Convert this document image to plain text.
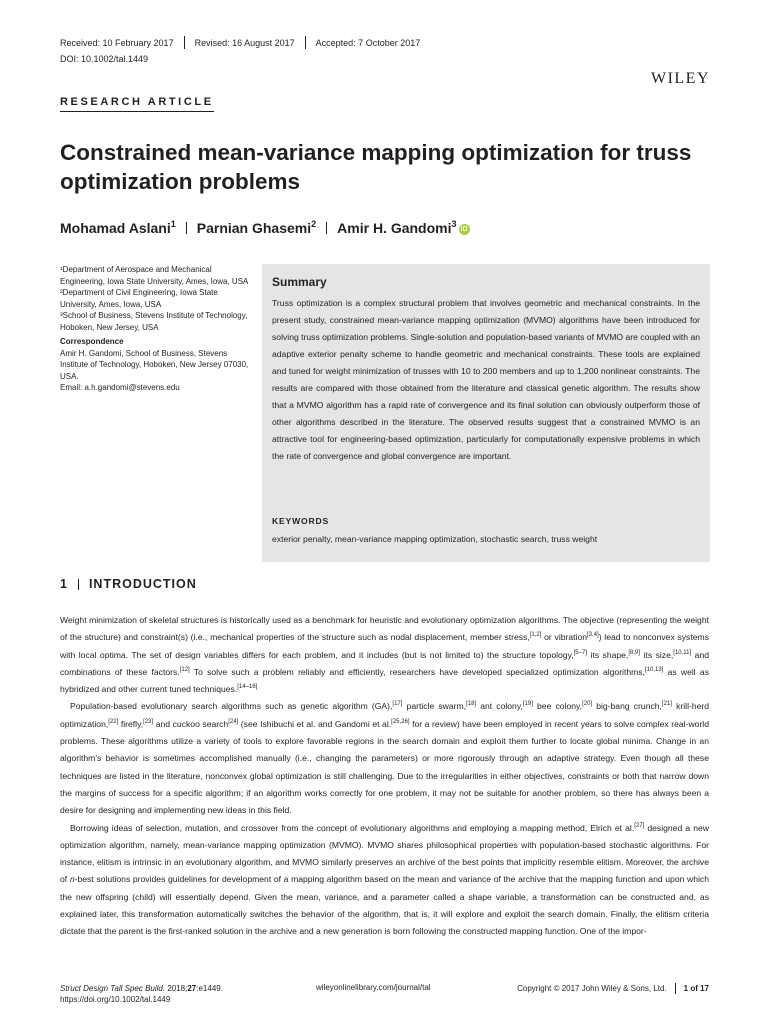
Received: 10 February 2017 Revised: 16 August 2017 Accepted: 7 October 2017
DOI: 10.1002/tal.1449
WILEY
RESEARCH ARTICLE
Constrained mean-variance mapping optimization for truss optimization problems
Mohamad Aslani$^1$ Parnian Ghasemi$^2$ Amir H. Gandomi$^3$iD

¹Department of Aerospace and Mechanical Engineering, Iowa State University, Ames, Iowa, USA

²Department of Civil Engineering, Iowa State University, Ames, Iowa, USA

³School of Business, Stevens Institute of Technology, Hoboken, New Jersey, USA

Correspondence

Amir H. Gandomi, School of Business, Stevens Institute of Technology, Hoboken, New Jersey 07030, USA.

Email: a.h.gandomi@stevens.edu

Summary

Truss optimization is a complex structural problem that involves geometric and mechanical constraints. In the present study, constrained mean-variance mapping optimization (MVMO) algorithms have been introduced for solving truss optimization problems. Single-solution and population-based variants of MVMO are coupled with an adaptive exterior penalty scheme to handle geometric and mechanical constraints. These tools are explained and tuned for weight minimization of trusses with 10 to 200 members and up to 1,200 nonlinear constraints. The results are compared with those obtained from the literature and classical genetic algorithm. The results show that a MVMO algorithm has a rapid rate of convergence and its final solution can obviously outperform those of other algorithms described in the literature. The observed results suggest that a constrained MVMO is an attractive tool for engineering-based optimization, particularly for computationally expensive problems in which the rate of convergence and global convergence are important.

KEYWORDS
exterior penalty, mean-variance mapping optimization, stochastic search, truss weight
1 INTRODUCTION

Weight minimization of skeletal structures is historically used as a benchmark for heuristic and evolutionary optimization algorithms. The objective (representing the weight of the structure) and constraint(s) (i.e., mechanical properties of the structure such as nodal displacement, member stress,[1,2] or vibration[3,4]) lead to nonconvex systems with local optima. The set of design variables differs for each problem, and it includes (but is not limited to) the structure topology,[5–7] its shape,[8,9] its size,[10,11] and combinations of these factors.[12] To solve such a problem reliably and efficiently, researchers have developed specialized optimization algorithms,[10,13] as well as hybridized and other current tuned techniques.[14–16]

Population-based evolutionary search algorithms such as genetic algorithm (GA),[17] particle swarm,[18] ant colony,[19] bee colony,[20] big-bang crunch,[21] krill-herd optimization,[22] firefly,[23] and cuckoo search[24] (see Ishibuchi et al. and Gandomi et al.[25,26] for a review) have been employed in recent years to solve complex real-world problems. These algorithms utilize a variety of tools to explore favorable regions in the search domain and exploit them further to locate global minima. Change in an algorithm's behavior is sometimes accomplished manually (i.e., changing the parameters) or more rigorously through an adaptive strategy. Even though all these techniques are listed in the literature, nonconvex global optimization is still challenging. Due to the irregularities in either objectives, constraints or both that narrow down the margins of success for a specific algorithm; if an algorithm works correctly for one problem, it may not be suitable for another problem, so there has always been a desire for designing and implementing new ideas in this field.

Borrowing ideas of selection, mutation, and crossover from the concept of evolutionary algorithms and employing a mapping method, Elrich et al.[27] designed a new optimization algorithm, namely, mean-variance mapping optimization (MVMO). MVMO shares philosophical properties with population-based stochastic algorithms. For instance, elitism is intrinsic in an evolutionary algorithm, and MVMO similarly preserves an archive of the best points that implicitly resemble elitism. Moreover, the archive of n-best solutions provides guidelines for development of a mapping algorithm based on the mean and variance of the archive that the mapping function and upon which the new offspring (child) will essentially depend. Given the mean, variance, and a parameter called a shape variable, a transformation can be constructed and, as explained later, this transformation automatically switches the behavior of the algorithm, that is, it will explore and exploit the search domain. Finally, the elitism criteria dictate that the parent is the first-ranked solution in the archive and a new generation is born following the constructed mapping function. One of the impor-

Struct Design Tall Spec Build. 2018;27:e1449.
https://doi.org/10.1002/tal.1449
wileyonlinelibrary.com/journal/tal	Copyright © 2017 John Wiley & Sons, Ltd. 1 of 17
